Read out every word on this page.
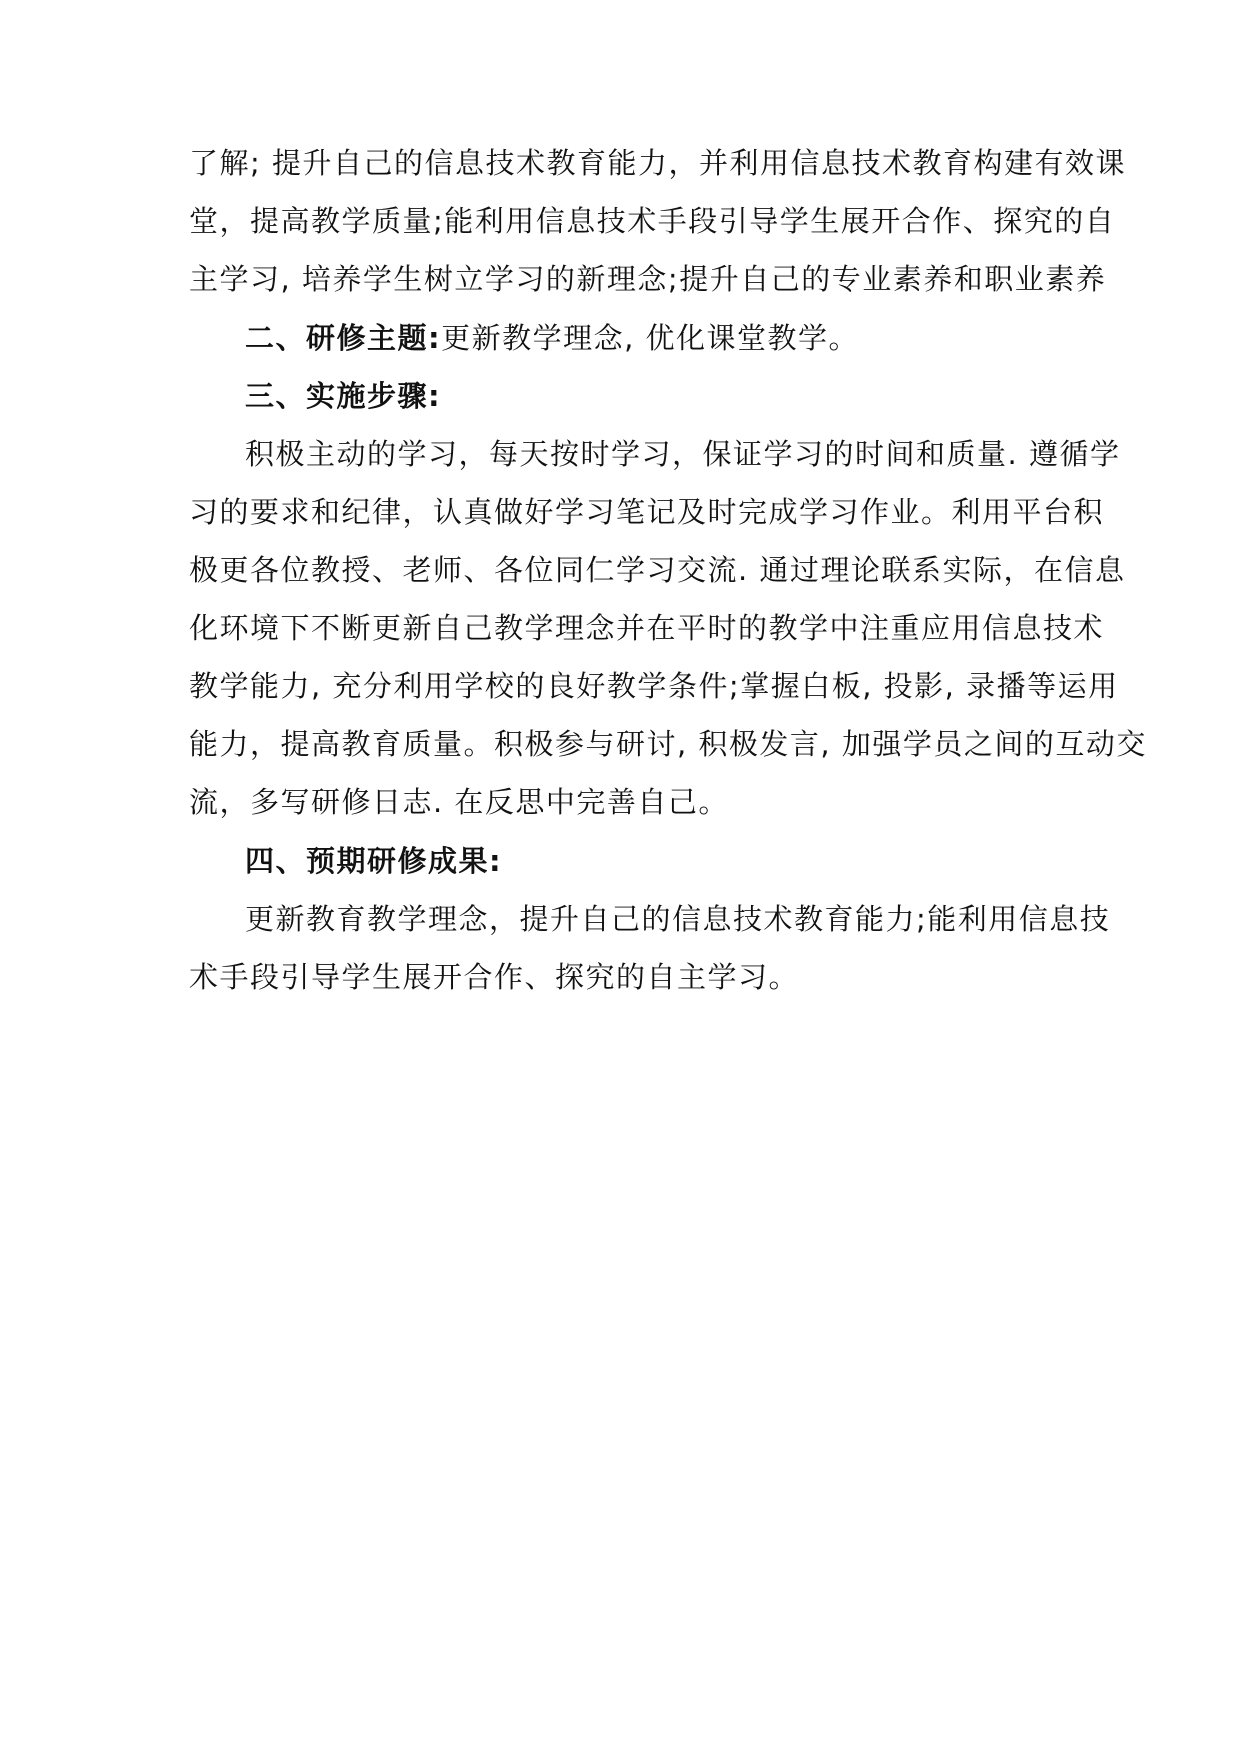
了解; 提升自己的信息技术教育能力，并利用信息技术教育构建有效课
堂，提高教学质量;能利用信息技术手段引导学生展开合作、探究的自
主学习, 培养学生树立学习的新理念;提升自己的专业素养和职业素养
二、研修主题:更新教学理念, 优化课堂教学。
三、实施步骤:
积极主动的学习，每天按时学习，保证学习的时间和质量. 遵循学
习的要求和纪律，认真做好学习笔记及时完成学习作业。利用平台积
极更各位教授、老师、各位同仁学习交流. 通过理论联系实际，在信息
化环境下不断更新自己教学理念并在平时的教学中注重应用信息技术
教学能力, 充分利用学校的良好教学条件;掌握白板, 投影, 录播等运用
能力，提高教育质量。积极参与研讨, 积极发言, 加强学员之间的互动交
流，多写研修日志. 在反思中完善自己。
四、预期研修成果:
更新教育教学理念，提升自己的信息技术教育能力;能利用信息技
术手段引导学生展开合作、探究的自主学习。
